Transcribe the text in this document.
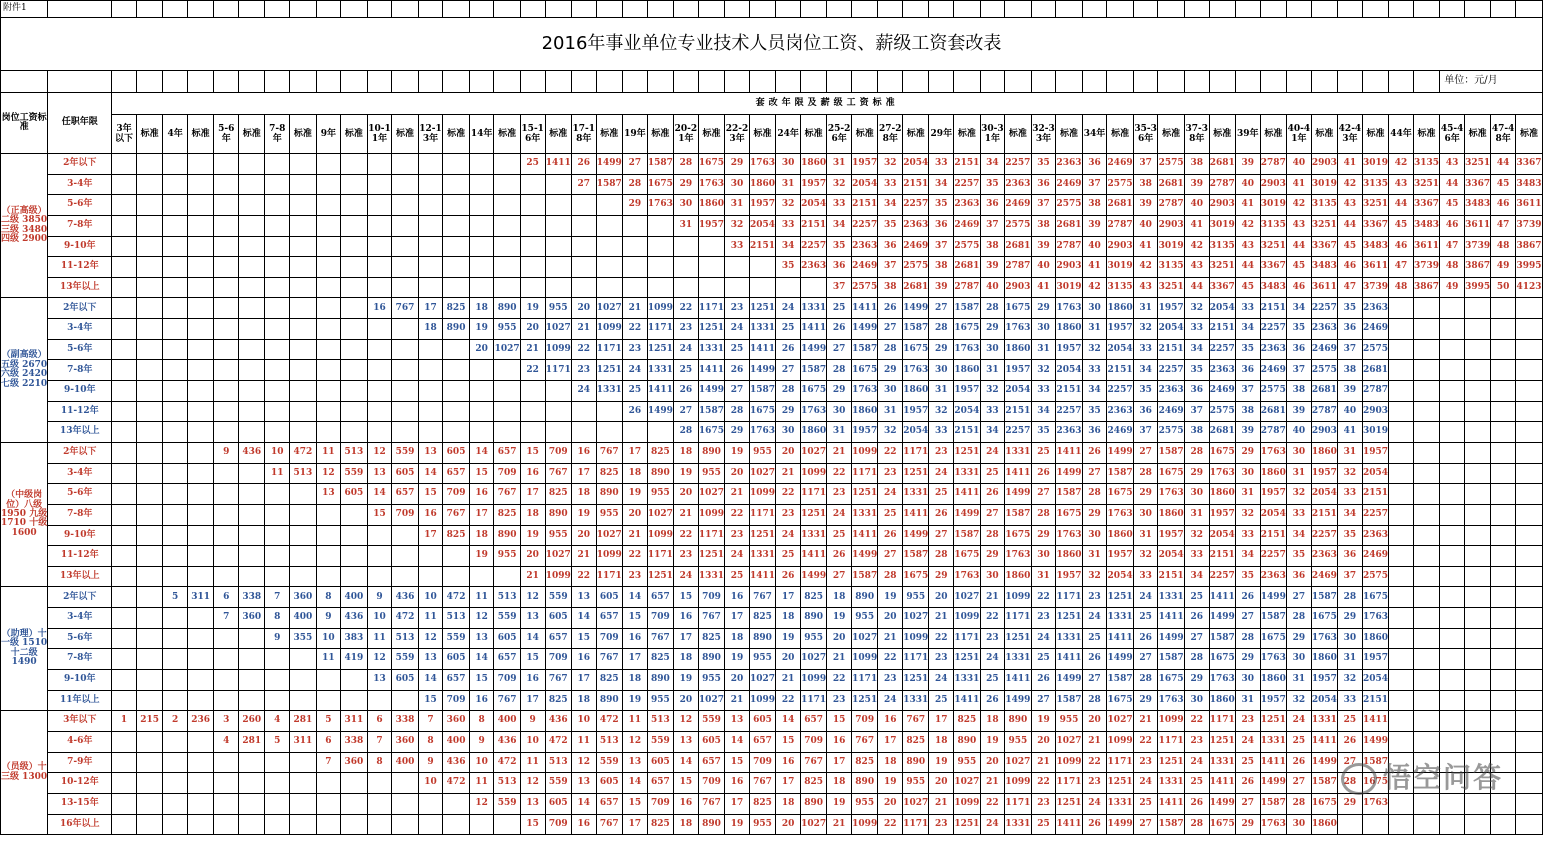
附件1																																																									
2016年事业单位专业技术人员岗位工资、薪级工资套改表																																																									
																																																						单位：元/月			
岗位工资标准	任职年限	套改年限及薪级工资标准																																																							
		3年以下	标准	4年	标准	5-6年	标准	7-8年	标准	9年	标准	10-11年	标准	12-13年	标准	14年	标准	15-16年	标准	17-18年	标准	19年	标准	20-21年	标准	22-23年	标准	24年	标准	25-26年	标准	27-28年	标准	29年	标准	30-31年	标准	32-33年	标准	34年	标准	35-36年	标准	37-38年	标准	39年	标准	40-41年	标准	42-43年	标准	44年	标准	45-46年	标准	47-48年	标准
（正高级）二级 3850 三级 3480 四级 2900	2年以下																	25	1411	26	1499	27	1587	28	1675	29	1763	30	1860	31	1957	32	2054	33	2151	34	2257	35	2363	36	2469	37	2575	38	2681	39	2787	40	2903	41	3019	42	3135	43	3251	44	3367
	3-4年																			27	1587	28	1675	29	1763	30	1860	31	1957	32	2054	33	2151	34	2257	35	2363	36	2469	37	2575	38	2681	39	2787	40	2903	41	3019	42	3135	43	3251	44	3367	45	3483
	5-6年																					29	1763	30	1860	31	1957	32	2054	33	2151	34	2257	35	2363	36	2469	37	2575	38	2681	39	2787	40	2903	41	3019	42	3135	43	3251	44	3367	45	3483	46	3611
	7-8年																							31	1957	32	2054	33	2151	34	2257	35	2363	36	2469	37	2575	38	2681	39	2787	40	2903	41	3019	42	3135	43	3251	44	3367	45	3483	46	3611	47	3739
	9-10年																									33	2151	34	2257	35	2363	36	2469	37	2575	38	2681	39	2787	40	2903	41	3019	42	3135	43	3251	44	3367	45	3483	46	3611	47	3739	48	3867
	11-12年																											35	2363	36	2469	37	2575	38	2681	39	2787	40	2903	41	3019	42	3135	43	3251	44	3367	45	3483	46	3611	47	3739	48	3867	49	3995
	13年以上																													37	2575	38	2681	39	2787	40	2903	41	3019	42	3135	43	3251	44	3367	45	3483	46	3611	47	3739	48	3867	49	3995	50	4123
（副高级）五级 2670 六级 2420 七级 2210	2年以下											16	767	17	825	18	890	19	955	20	1027	21	1099	22	1171	23	1251	24	1331	25	1411	26	1499	27	1587	28	1675	29	1763	30	1860	31	1957	32	2054	33	2151	34	2257	35	2363						
	3-4年													18	890	19	955	20	1027	21	1099	22	1171	23	1251	24	1331	25	1411	26	1499	27	1587	28	1675	29	1763	30	1860	31	1957	32	2054	33	2151	34	2257	35	2363	36	2469						
	5-6年															20	1027	21	1099	22	1171	23	1251	24	1331	25	1411	26	1499	27	1587	28	1675	29	1763	30	1860	31	1957	32	2054	33	2151	34	2257	35	2363	36	2469	37	2575						
	7-8年																	22	1171	23	1251	24	1331	25	1411	26	1499	27	1587	28	1675	29	1763	30	1860	31	1957	32	2054	33	2151	34	2257	35	2363	36	2469	37	2575	38	2681						
	9-10年																			24	1331	25	1411	26	1499	27	1587	28	1675	29	1763	30	1860	31	1957	32	2054	33	2151	34	2257	35	2363	36	2469	37	2575	38	2681	39	2787						
	11-12年																					26	1499	27	1587	28	1675	29	1763	30	1860	31	1957	32	2054	33	2151	34	2257	35	2363	36	2469	37	2575	38	2681	39	2787	40	2903						
	13年以上																							28	1675	29	1763	30	1860	31	1957	32	2054	33	2151	34	2257	35	2363	36	2469	37	2575	38	2681	39	2787	40	2903	41	3019						
（中级岗位）八级 1950 九级 1710 十级 1600	2年以下					9	436	10	472	11	513	12	559	13	605	14	657	15	709	16	767	17	825	18	890	19	955	20	1027	21	1099	22	1171	23	1251	24	1331	25	1411	26	1499	27	1587	28	1675	29	1763	30	1860	31	1957						
	3-4年							11	513	12	559	13	605	14	657	15	709	16	767	17	825	18	890	19	955	20	1027	21	1099	22	1171	23	1251	24	1331	25	1411	26	1499	27	1587	28	1675	29	1763	30	1860	31	1957	32	2054						
	5-6年									13	605	14	657	15	709	16	767	17	825	18	890	19	955	20	1027	21	1099	22	1171	23	1251	24	1331	25	1411	26	1499	27	1587	28	1675	29	1763	30	1860	31	1957	32	2054	33	2151						
	7-8年											15	709	16	767	17	825	18	890	19	955	20	1027	21	1099	22	1171	23	1251	24	1331	25	1411	26	1499	27	1587	28	1675	29	1763	30	1860	31	1957	32	2054	33	2151	34	2257						
	9-10年													17	825	18	890	19	955	20	1027	21	1099	22	1171	23	1251	24	1331	25	1411	26	1499	27	1587	28	1675	29	1763	30	1860	31	1957	32	2054	33	2151	34	2257	35	2363						
	11-12年															19	955	20	1027	21	1099	22	1171	23	1251	24	1331	25	1411	26	1499	27	1587	28	1675	29	1763	30	1860	31	1957	32	2054	33	2151	34	2257	35	2363	36	2469						
	13年以上																	21	1099	22	1171	23	1251	24	1331	25	1411	26	1499	27	1587	28	1675	29	1763	30	1860	31	1957	32	2054	33	2151	34	2257	35	2363	36	2469	37	2575						
（助理）十一级 1510 十二级 1490	2年以下			5	311	6	338	7	360	8	400	9	436	10	472	11	513	12	559	13	605	14	657	15	709	16	767	17	825	18	890	19	955	20	1027	21	1099	22	1171	23	1251	24	1331	25	1411	26	1499	27	1587	28	1675						
	3-4年					7	360	8	400	9	436	10	472	11	513	12	559	13	605	14	657	15	709	16	767	17	825	18	890	19	955	20	1027	21	1099	22	1171	23	1251	24	1331	25	1411	26	1499	27	1587	28	1675	29	1763						
	5-6年							9	355	10	383	11	513	12	559	13	605	14	657	15	709	16	767	17	825	18	890	19	955	20	1027	21	1099	22	1171	23	1251	24	1331	25	1411	26	1499	27	1587	28	1675	29	1763	30	1860						
	7-8年									11	419	12	559	13	605	14	657	15	709	16	767	17	825	18	890	19	955	20	1027	21	1099	22	1171	23	1251	24	1331	25	1411	26	1499	27	1587	28	1675	29	1763	30	1860	31	1957						
	9-10年											13	605	14	657	15	709	16	767	17	825	18	890	19	955	20	1027	21	1099	22	1171	23	1251	24	1331	25	1411	26	1499	27	1587	28	1675	29	1763	30	1860	31	1957	32	2054						
	11年以上													15	709	16	767	17	825	18	890	19	955	20	1027	21	1099	22	1171	23	1251	24	1331	25	1411	26	1499	27	1587	28	1675	29	1763	30	1860	31	1957	32	2054	33	2151						
（员级）十三级 1300	3年以下	1	215	2	236	3	260	4	281	5	311	6	338	7	360	8	400	9	436	10	472	11	513	12	559	13	605	14	657	15	709	16	767	17	825	18	890	19	955	20	1027	21	1099	22	1171	23	1251	24	1331	25	1411						
	4-6年					4	281	5	311	6	338	7	360	8	400	9	436	10	472	11	513	12	559	13	605	14	657	15	709	16	767	17	825	18	890	19	955	20	1027	21	1099	22	1171	23	1251	24	1331	25	1411	26	1499						
	7-9年									7	360	8	400	9	436	10	472	11	513	12	559	13	605	14	657	15	709	16	767	17	825	18	890	19	955	20	1027	21	1099	22	1171	23	1251	24	1331	25	1411	26	1499	27	1587						
	10-12年													10	472	11	513	12	559	13	605	14	657	15	709	16	767	17	825	18	890	19	955	20	1027	21	1099	22	1171	23	1251	24	1331	25	1411	26	1499	27	1587	28	1675						
	13-15年															12	559	13	605	14	657	15	709	16	767	17	825	18	890	19	955	20	1027	21	1099	22	1171	23	1251	24	1331	25	1411	26	1499	27	1587	28	1675	29	1763						
	16年以上																	15	709	16	767	17	825	18	890	19	955	20	1027	21	1099	22	1171	23	1251	24	1331	25	1411	26	1499	27	1587	28	1675	29	1763	30	1860								
悟空问答
